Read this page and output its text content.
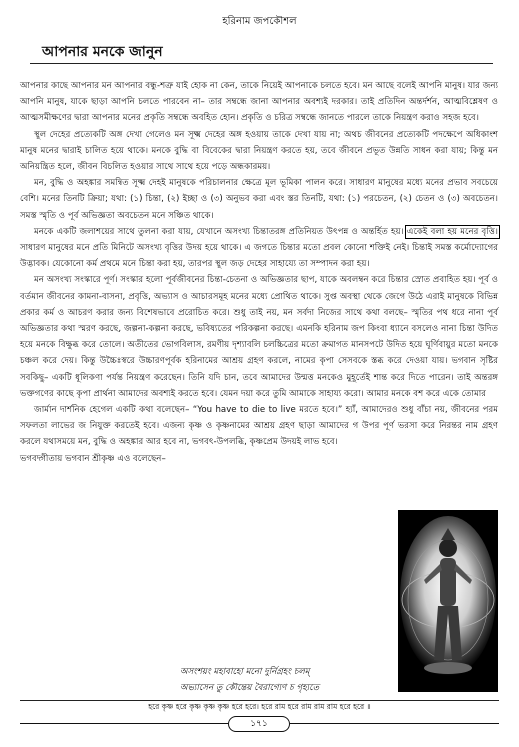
হরিনাম জপকৌশল
আপনার মনকে জানুন

আপনার কাছে আপনার মন আপনার বন্ধু-শত্রু যাই হোক না কেন, তাকে নিয়েই আপনাকে চলতে হবে। মন আছে বলেই আপনি মানুষ। যার জন্য আপনি মানুষ, যাকে ছাড়া আপনি চলতে পারবেন না– তার সম্বন্ধে জানা আপনার অবশ্যই দরকার। তাই প্রতিদিন অন্তর্দর্শন, আত্মবিশ্লেষণ ও আত্মসমীক্ষণের দ্বারা আপনার মনের প্রকৃতি সম্বন্ধে অবহিত হোন। প্রকৃতি ও চরিত্র সম্বন্ধে জানতে পারলে তাকে নিয়ন্ত্রণ করাও সহজ হবে।

স্থূল দেহের প্রত্যেকটি অঙ্গ দেখা গেলেও মন সূক্ষ্ম দেহের অঙ্গ হওয়ায় তাকে দেখা যায় না; অথচ জীবনের প্রত্যেকটি পদক্ষেপে অধিকাংশ মানুষ মনের দ্বারাই চালিত হয়ে থাকে। মনকে বুদ্ধি বা বিবেকের দ্বারা নিয়ন্ত্রণ করতে হয়, তবে জীবনে প্রভূত উন্নতি সাধন করা যায়; কিন্তু মন অনিয়ন্ত্রিত হলে, জীবন বিচলিত হওয়ার সাথে সাথে হয়ে পড়ে অন্ধকারময়।

মন, বুদ্ধি ও অহঙ্কার সমন্বিত সূক্ষ্ম দেহই মানুষকে পরিচালনার ক্ষেত্রে মূল ভূমিকা পালন করে। সাধারণ মানুষের মধ্যে মনের প্রভাব সবচেয়ে বেশি। মনের তিনটি ক্রিয়া; যথা: (১) চিন্তা, (২) ইচ্ছা ও (৩) অনুভব করা এবং স্তর তিনটি, যথা: (১) পরচেতন, (২) চেতন ও (৩) অবচেতন। সমস্ত স্মৃতি ও পূর্ব অভিজ্ঞতা অবচেতন মনে সঞ্চিত থাকে।

মনকে একটি জলাশয়ের সাথে তুলনা করা যায়, যেখানে অসংখ্য চিন্তাতরঙ্গ প্রতিনিয়ত উৎপন্ন ও অন্তর্হিত হয়। একেই বলা হয় মনের বৃত্তি। সাধারণ মানুষের মনে প্রতি মিনিটে অসংখ্য বৃত্তির উদয় হয়ে থাকে। এ জগতে চিন্তার মতো প্রবল কোনো শক্তিই নেই। চিন্তাই সমস্ত কর্মোদ্যোগের উদ্ভাবক। যেকোনো কর্ম প্রথমে মনে চিন্তা করা হয়, তারপর স্থূল জড় দেহের সাহায্যে তা সম্পাদন করা হয়।

মন অসংখ্য সংস্কারে পূর্ণ। সংস্কার হলো পূর্বজীবনের চিন্তা-চেতনা ও অভিজ্ঞতার ছাপ, যাকে অবলম্বন করে চিন্তার স্রোত প্রবাহিত হয়। পূর্ব ও বর্তমান জীবনের কামনা-বাসনা, প্রবৃত্তি, অভ্যাস ও আচারসমূহ মনের মধ্যে প্রোথিত থাকে। সুপ্ত অবস্থা থেকে জেগে উঠে এরাই মানুষকে বিভিন্ন প্রকার কর্ম ও আচরণ করার জন্য বিশেষভাবে প্ররোচিত করে। শুধু তাই নয়, মন সর্বদা নিজের সাথে কথা বলছে– স্মৃতির পথ ধরে নানা পূর্ব অভিজ্ঞতার কথা স্মরণ করছে, জল্পনা-কল্পনা করছে, ভবিষ্যতের পরিকল্পনা করছে। এমনকি হরিনাম জপ কিংবা ধ্যানে বসলেও নানা চিন্তা উদিত হয়ে মনকে বিক্ষুব্ধ করে তোলে। অতীতের ভোগবিলাস, রমণীয় দৃশ্যাবলি চলচ্চিত্রের মতো ক্রমাগত মানসপটে উদিত হয়ে ঘূর্ণিবায়ুর মতো মনকে চঞ্চল করে দেয়। কিন্তু উচ্চৈঃস্বরে উচ্চারণপূর্বক হরিনামের আশ্রয় গ্রহণ করলে, নামের কৃপা সেসবকে স্তব্ধ করে দেওয়া যায়। ভগবান সৃষ্টির সবকিছু– একটি ধূলিকণা পর্যন্ত নিয়ন্ত্রণ করেছেন। তিনি যদি চান, তবে আমাদের উন্মত্ত মনকেও মুহূর্তেই শান্ত করে দিতে পারেন। তাই অন্তরঙ্গ ভক্তগণের কাছে কৃপা প্রার্থনা আমাদের অবশ্যই করতে হবে। যেমন দয়া করে তুমি আমাকে সাহায্য করো। আমার মনকে বশ করে একে তোমার

জার্মান দার্শনিক হেগেল একটি কথা বলেছেন– “You have to die to live মরতে হবে।” হ্যাঁ, আমাদেরও শুধু বাঁচা নয়, জীবনের পরম সফলতা লাভের জ নিযুক্ত করতেই হবে। এজন্য কৃষ্ণ ও কৃষ্ণনামের আশ্রয় গ্রহণ ছাড়া আমাদের গ উপর পূর্ণ ভরসা করে নিরন্তর নাম গ্রহণ করলে যথাসময়ে মন, বুদ্ধি ও অহঙ্কার আর হবে না, ভগবৎ-উপলব্ধি, কৃষ্ণপ্রেম উদয়ই লাভ হবে।

ভগবদ্গীতায় ভগবান শ্রীকৃষ্ণ এও বলেছেন–

অসংশয়ং মহাবাহো মনো দুর্নিগ্রহং চলম্
অভ্যাসেন তু কৌন্তেয় বৈরাগ্যেণ চ গৃহ্যতে
হরে কৃষ্ণ হরে কৃষ্ণ কৃষ্ণ কৃষ্ণ হরে হরে। হরে রাম হরে রাম রাম রাম হরে হরে ॥
১৭১
